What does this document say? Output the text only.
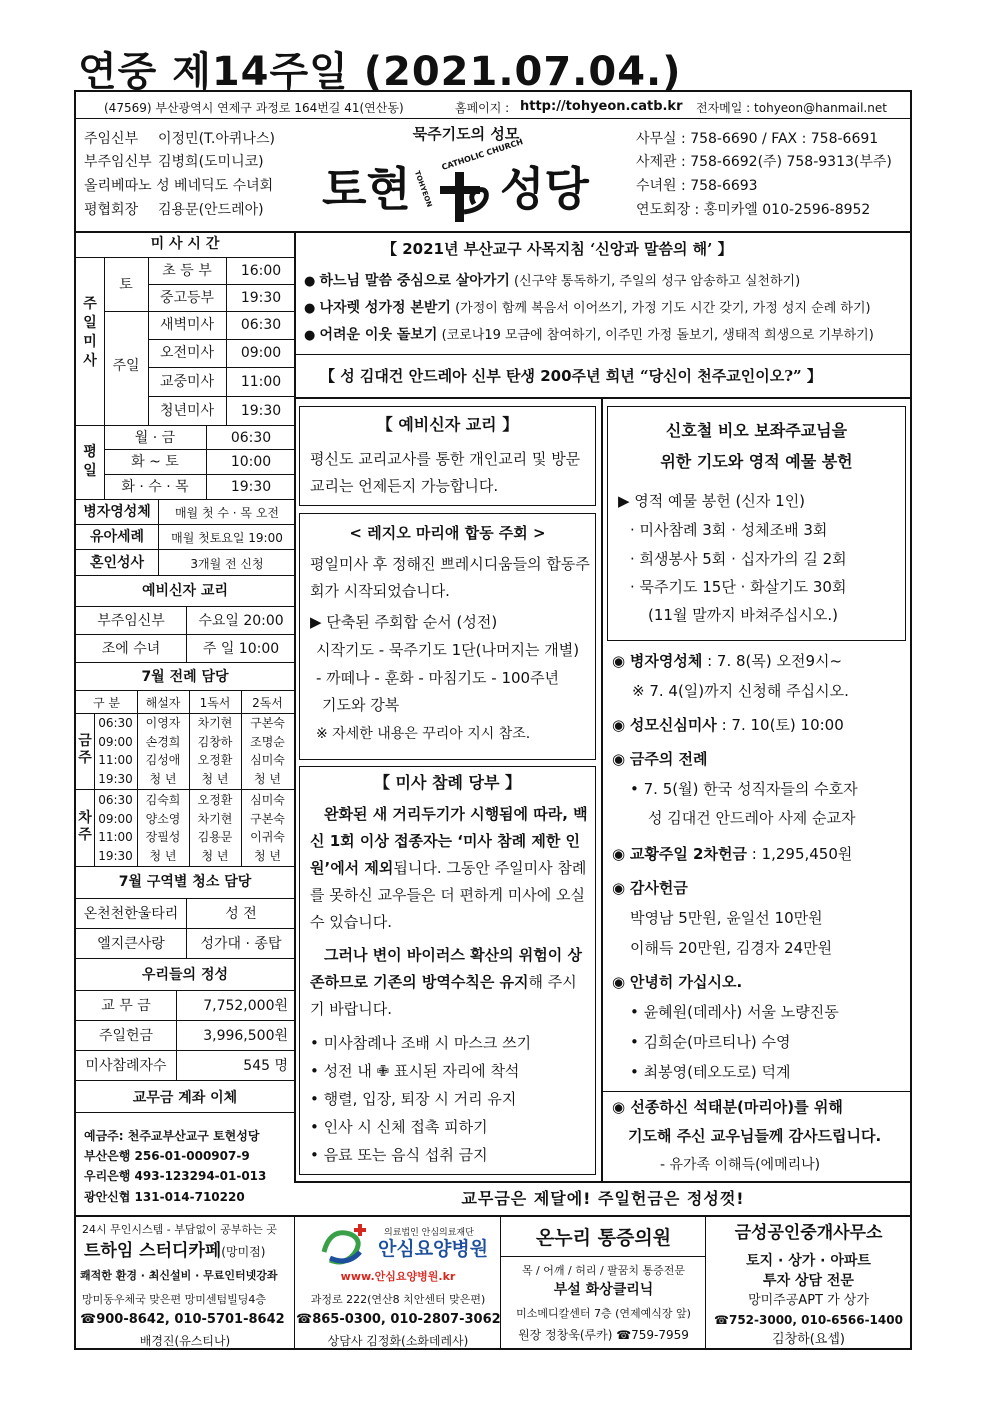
연중 제14주일 (2021.07.04.)
(47569) 부산광역시 연제구 과정로 164번길 41(연산동)	홈페이지 : http://tohyeon.catb.kr 전자메일 : tohyeon@hanmail.net
주임신부 이정민(T.아퀴나스)
부주임신부 김병희(도미니코)
올리베따노 성 베네딕도 수녀회
평협회장 김용문(안드레아)
묵주기도의 성모
토현 성당
CATHOLIC CHURCH
TOHYEON
사무실 : 758-6690 / FAX : 758-6691
사제관 : 758-6692(주) 758-9313(부주)
수녀원 : 758-6693
연도회장 : 홍미카엘 010-2596-8952
미 사 시 간
주일미사
토
주일
초 등 부	16:00
중고등부	19:30
새벽미사	06:30
오전미사	09:00
교중미사	11:00
청년미사	19:30
평일
월 · 금	06:30
화 ~ 토	10:00
화 · 수 · 목	19:30
병자영성체	매월 첫 수 · 목 오전
유아세례	매월 첫토요일 19:00
혼인성사	3개월 전 신청
예비신자 교리
부주임신부	수요일 20:00
조에 수녀	주 일 10:00
7월 전례 담당
구 분	해설자	1독서	2독서
금주
차주
06:30	이영자	차기현	구본숙
09:00	손경희	김창하	조명순
11:00	김성애	오정환	심미숙
19:30	청 년	청 년	청 년
06:30	김숙희	오정환	심미숙
09:00	양소영	차기현	구본숙
11:00	장필성	김용문	이귀숙
19:30	청 년	청 년	청 년
7월 구역별 청소 담당
온천천한울타리	성 전
엘지큰사랑	성가대 · 종탑
우리들의 정성
교 무 금	7,752,000원
주일헌금	3,996,500원
미사참례자수	545 명
교무금 계좌 이체
예금주: 천주교부산교구 토현성당
부산은행 256-01-000907-9
우리은행 493-123294-01-013
광안신협 131-014-710220
【 2021년 부산교구 사목지침 ‘신앙과 말씀의 해’ 】
● 하느님 말씀 중심으로 살아가기 (신구약 통독하기, 주일의 성구 암송하고 실천하기)
● 나자렛 성가정 본받기 (가정이 함께 복음서 이어쓰기, 가정 기도 시간 갖기, 가정 성지 순례 하기)
● 어려운 이웃 돌보기 (코로나19 모금에 참여하기, 이주민 가정 돌보기, 생태적 희생으로 기부하기)
【 성 김대건 안드레아 신부 탄생 200주년 희년 “당신이 천주교인이오?” 】
【 예비신자 교리 】
평신도 교리교사를 통한 개인교리 및 방문교리는 언제든지 가능합니다.
< 레지오 마리애 합동 주회 >
평일미사 후 정해진 쁘레시디움들의 합동주회가 시작되었습니다.
▶ 단축된 주회합 순서 (성전)
시작기도 - 묵주기도 1단(나머지는 개별)
- 까떼나 - 훈화 - 마침기도 - 100주년
기도와 강복
※ 자세한 내용은 꾸리아 지시 참조.
【 미사 참례 당부 】
완화된 새 거리두기가 시행됨에 따라, 백신 1회 이상 접종자는 ‘미사 참례 제한 인원’에서 제외됩니다. 그동안 주일미사 참례를 못하신 교우들은 더 편하게 미사에 오실 수 있습니다.
그러나 변이 바이러스 확산의 위험이 상존하므로 기존의 방역수칙은 유지해 주시기 바랍니다.
• 미사참례나 조배 시 마스크 쓰기
• 성전 내 ✙ 표시된 자리에 착석
• 행렬, 입장, 퇴장 시 거리 유지
• 인사 시 신체 접촉 피하기
• 음료 또는 음식 섭취 금지
신호철 비오 보좌주교님을
위한 기도와 영적 예물 봉헌
▶ 영적 예물 봉헌 (신자 1인)
· 미사참례 3회 · 성체조배 3회
· 희생봉사 5회 · 십자가의 길 2회
· 묵주기도 15단 · 화살기도 30회
(11월 말까지 바쳐주십시오.)
◉ 병자영성체 : 7. 8(목) 오전9시~
※ 7. 4(일)까지 신청해 주십시오.
◉ 성모신심미사 : 7. 10(토) 10:00
◉ 금주의 전례
• 7. 5(월) 한국 성직자들의 수호자
성 김대건 안드레아 사제 순교자
◉ 교황주일 2차헌금 : 1,295,450원
◉ 감사헌금
박영남 5만원, 윤일선 10만원
이해득 20만원, 김경자 24만원
◉ 안녕히 가십시오.
• 윤혜원(데레사) 서울 노량진동
• 김희순(마르티나) 수영
• 최봉영(테오도로) 덕계
◉ 선종하신 석태분(마리아)를 위해
기도해 주신 교우님들께 감사드립니다.
- 유가족 이해득(에메리나)
교무금은 제달에! 주일헌금은 정성껏!
24시 무인시스템 - 부담없이 공부하는 곳
트하임 스터디카페(망미점)
쾌적한 환경 · 최신설비 · 무료인터넷강좌
망미동우체국 맞은편 망미센텀빌딩4층
☎900-8642, 010-5701-8642
배경진(유스티나)
의료법인 안심의료재단
안심요양병원
www.안심요양병원.kr
과정로 222(연산8 치안센터 맞은편)
☎865-0300, 010-2807-3062
상담사 김정화(소화데레사)
온누리 통증의원
목 / 어깨 / 허리 / 팔꿈치 통증전문
부설 화상클리닉
미소메디칼센터 7층 (연제예식장 앞)
원장 정창욱(루카) ☎759-7959
금성공인중개사무소
토지 · 상가 · 아파트
투자 상담 전문
망미주공APT 가 상가
☎752-3000, 010-6566-1400
김창하(요셉)
